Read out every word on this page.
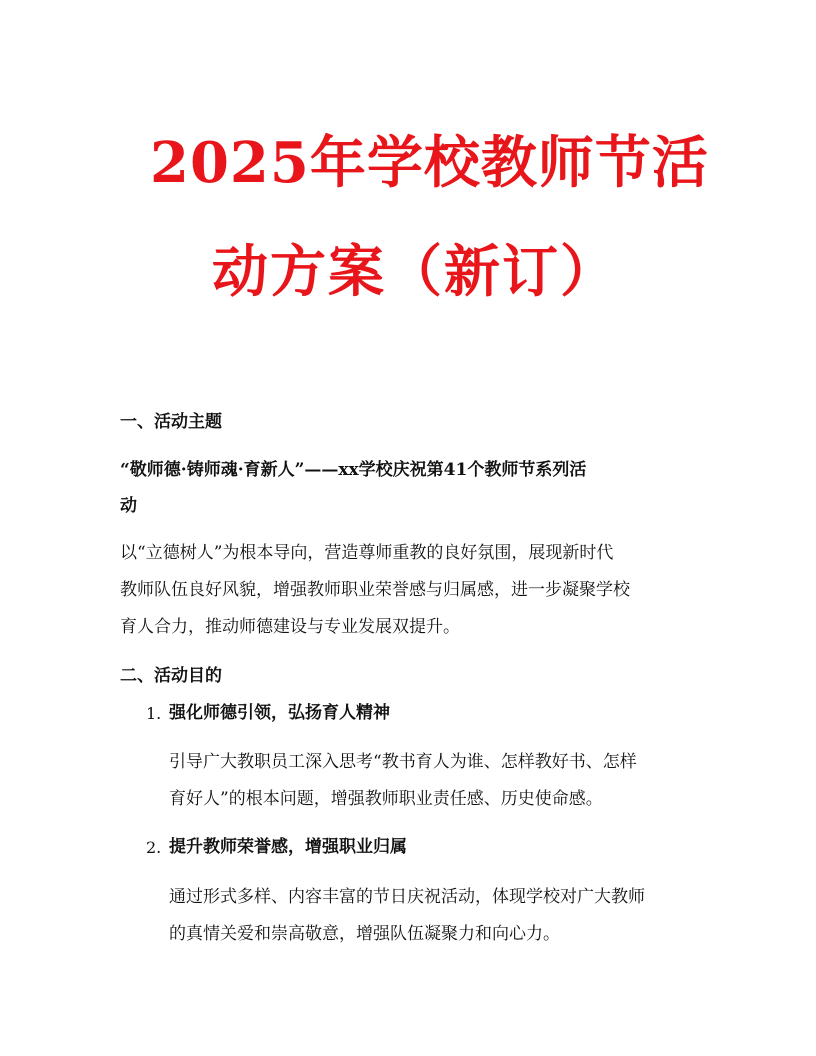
2025年学校教师节活
动方案（新订）
一、活动主题
“敬师德·铸师魂·育新人”——xx学校庆祝第41个教师节系列活
动
以“立德树人”为根本导向，营造尊师重教的良好氛围，展现新时代
教师队伍良好风貌，增强教师职业荣誉感与归属感，进一步凝聚学校
育人合力，推动师德建设与专业发展双提升。
二、活动目的
1. 强化师德引领，弘扬育人精神
引导广大教职员工深入思考“教书育人为谁、怎样教好书、怎样
育好人”的根本问题，增强教师职业责任感、历史使命感。
2. 提升教师荣誉感，增强职业归属
通过形式多样、内容丰富的节日庆祝活动，体现学校对广大教师
的真情关爱和崇高敬意，增强队伍凝聚力和向心力。
